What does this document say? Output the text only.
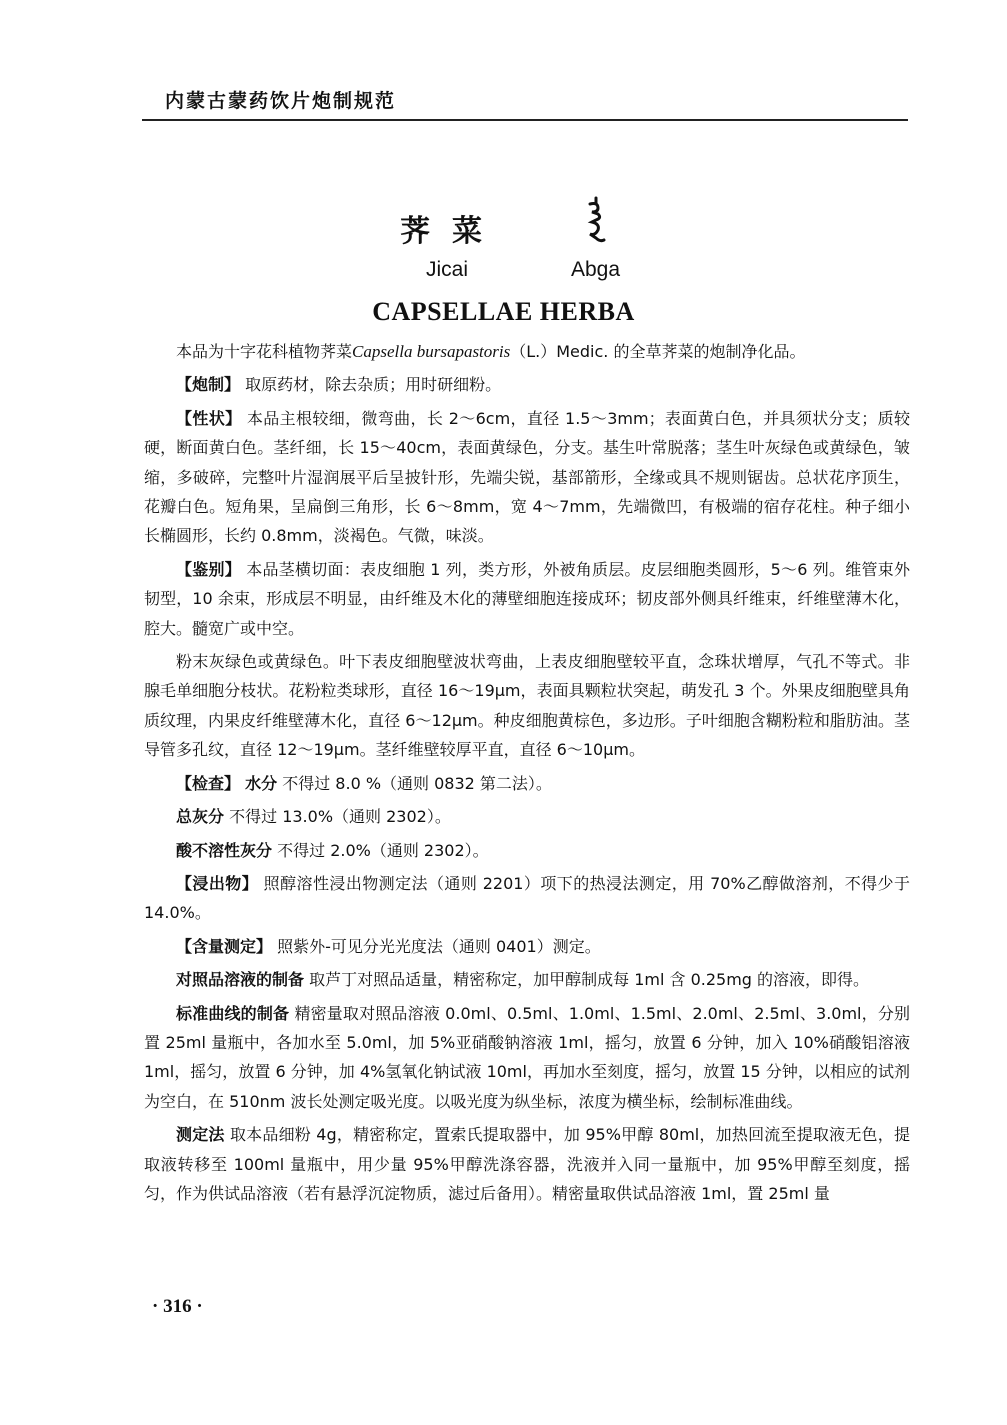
内蒙古蒙药饮片炮制规范
荠菜
Jicai	Abga
CAPSELLAE HERBA

本品为十字花科植物荠菜Capsella bursapastoris（L.）Medic. 的全草荠菜的炮制净化品。

【炮制】 取原药材，除去杂质；用时研细粉。

【性状】 本品主根较细，微弯曲，长 2～6cm，直径 1.5～3mm；表面黄白色，并具须状分支；质较硬，断面黄白色。茎纤细，长 15～40cm，表面黄绿色，分支。基生叶常脱落；茎生叶灰绿色或黄绿色，皱缩，多破碎，完整叶片湿润展平后呈披针形，先端尖锐，基部箭形，全缘或具不规则锯齿。总状花序顶生，花瓣白色。短角果，呈扁倒三角形，长 6～8mm，宽 4～7mm，先端微凹，有极端的宿存花柱。种子细小长椭圆形，长约 0.8mm，淡褐色。气微，味淡。

【鉴别】 本品茎横切面：表皮细胞 1 列，类方形，外被角质层。皮层细胞类圆形，5～6 列。维管束外韧型，10 余束，形成层不明显，由纤维及木化的薄壁细胞连接成环；韧皮部外侧具纤维束，纤维壁薄木化，腔大。髓宽广或中空。

粉末灰绿色或黄绿色。叶下表皮细胞壁波状弯曲，上表皮细胞壁较平直，念珠状增厚，气孔不等式。非腺毛单细胞分枝状。花粉粒类球形，直径 16～19μm，表面具颗粒状突起，萌发孔 3 个。外果皮细胞壁具角质纹理，内果皮纤维壁薄木化，直径 6～12μm。种皮细胞黄棕色，多边形。子叶细胞含糊粉粒和脂肪油。茎导管多孔纹，直径 12～19μm。茎纤维壁较厚平直，直径 6～10μm。

【检查】 水分 不得过 8.0 %（通则 0832 第二法）。

总灰分 不得过 13.0%（通则 2302）。

酸不溶性灰分 不得过 2.0%（通则 2302）。

【浸出物】 照醇溶性浸出物测定法（通则 2201）项下的热浸法测定，用 70%乙醇做溶剂，不得少于 14.0%。

【含量测定】 照紫外-可见分光光度法（通则 0401）测定。

对照品溶液的制备 取芦丁对照品适量，精密称定，加甲醇制成每 1ml 含 0.25mg 的溶液，即得。

标准曲线的制备 精密量取对照品溶液 0.0ml、0.5ml、1.0ml、1.5ml、2.0ml、2.5ml、3.0ml，分别置 25ml 量瓶中，各加水至 5.0ml，加 5%亚硝酸钠溶液 1ml，摇匀，放置 6 分钟，加入 10%硝酸铝溶液 1ml，摇匀，放置 6 分钟，加 4%氢氧化钠试液 10ml，再加水至刻度，摇匀，放置 15 分钟，以相应的试剂为空白，在 510nm 波长处测定吸光度。以吸光度为纵坐标，浓度为横坐标，绘制标准曲线。

测定法 取本品细粉 4g，精密称定，置索氏提取器中，加 95%甲醇 80ml，加热回流至提取液无色，提取液转移至 100ml 量瓶中，用少量 95%甲醇洗涤容器，洗液并入同一量瓶中，加 95%甲醇至刻度，摇匀，作为供试品溶液（若有悬浮沉淀物质，滤过后备用）。精密量取供试品溶液 1ml，置 25ml 量

· 316 ·
